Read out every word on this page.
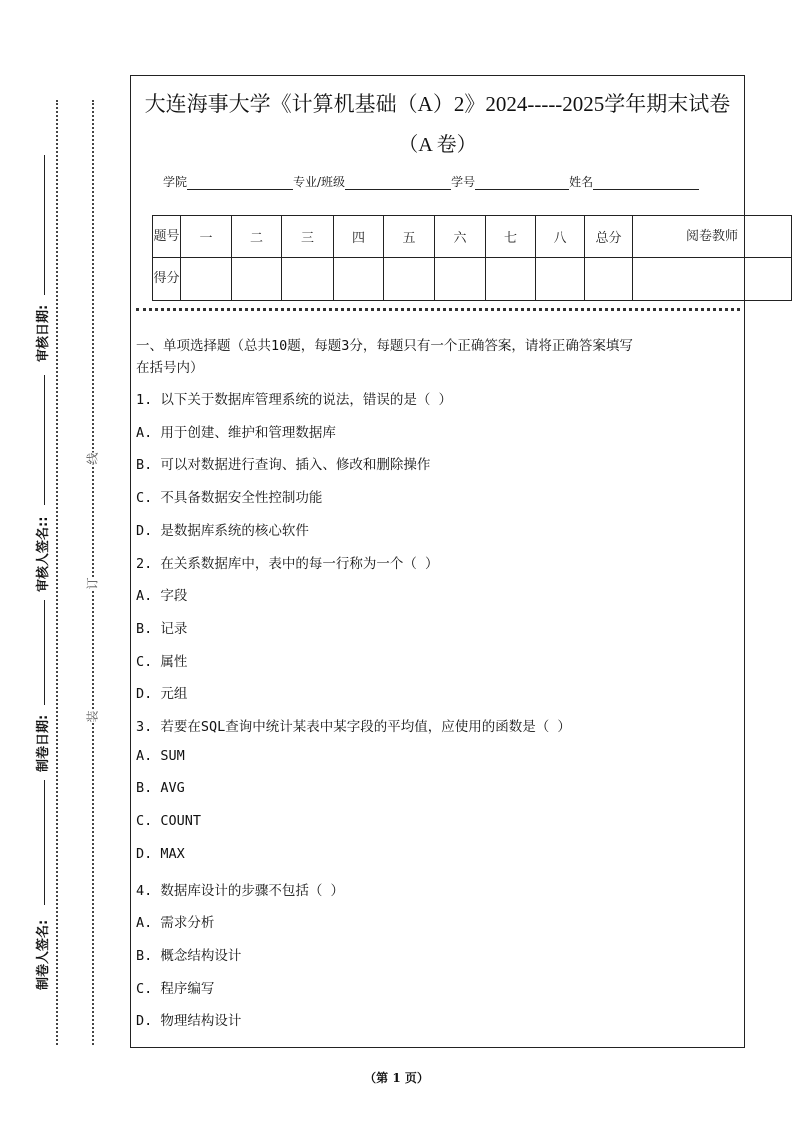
审核日期:
审核人签名::
制卷日期:
制卷人签名:
线
订
装
大连海事大学《计算机基础（A）2》2024-----2025学年期末试卷
（A 卷）
学院	专业/班级	学号	姓名
题号	一	二	三	四	五	六	七	八	总分	阅卷教师
得分										
一、单项选择题（总共10题，每题3分，每题只有一个正确答案，请将正确答案填写
在括号内）
1. 以下关于数据库管理系统的说法，错误的是（ ）
A. 用于创建、维护和管理数据库
B. 可以对数据进行查询、插入、修改和删除操作
C. 不具备数据安全性控制功能
D. 是数据库系统的核心软件
2. 在关系数据库中，表中的每一行称为一个（ ）
A. 字段
B. 记录
C. 属性
D. 元组
3. 若要在SQL查询中统计某表中某字段的平均值，应使用的函数是（ ）
A. SUM
B. AVG
C. COUNT
D. MAX
4. 数据库设计的步骤不包括（ ）
A. 需求分析
B. 概念结构设计
C. 程序编写
D. 物理结构设计
（第 1 页）
